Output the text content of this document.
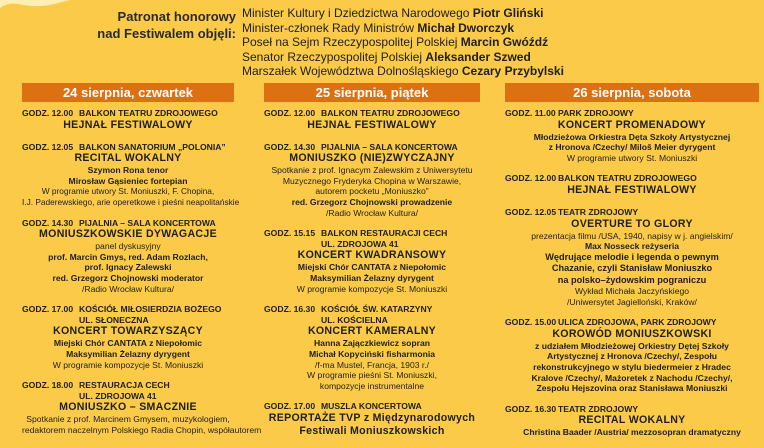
Patronat honorowy
nad Festiwalem objęli:
Minister Kultury i Dziedzictwa Narodowego Piotr Gliński
Minister-członek Rady Ministrów Michał Dworczyk
Poseł na Sejm Rzeczypospolitej Polskiej Marcin Gwóźdź
Senator Rzeczypospolitej Polskiej Aleksander Szwed
Marszałek Województwa Dolnośląskiego Cezary Przybylski
24 sierpnia, czwartek	25 sierpnia, piątek	26 sierpnia, sobota
GODZ. 12.00 BALKON TEATRU ZDROJOWEGO
HEJNAŁ FESTIWALOWY
GODZ. 12.05 BALKON SANATORIUM „POLONIA”
RECITAL WOKALNY
Szymon Rona tenor
Mirosław Gąsieniec fortepian
W programie utwory St. Moniuszki, F. Chopina,
I.J. Paderewskiego, arie operetkowe i pieśni neapolitańskie
GODZ. 14.30 PIJALNIA – SALA KONCERTOWA
MONIUSZKOWSKIE DYWAGACJE
panel dyskusyjny
prof. Marcin Gmys, red. Adam Rozlach,
prof. Ignacy Zalewski
red. Grzegorz Chojnowski moderator
/Radio Wrocław Kultura/
GODZ. 17.00 KOŚCIÓŁ MIŁOSIERDZIA BOŻEGO
UL. SŁONECZNA
KONCERT TOWARZYSZĄCY
Miejski Chór CANTATA z Niepołomic
Maksymilian Żelazny dyrygent
W programie kompozycje St. Moniuszki
GODZ. 18.00 RESTAURACJA CECH
UL. ZDROJOWA 41
MONIUSZKO – SMACZNIE
Spotkanie z prof. Marcinem Gmysem, muzykologiem,
redaktorem naczelnym Polskiego Radia Chopin, współautorem
GODZ. 12.00 BALKON TEATRU ZDROJOWEGO
HEJNAŁ FESTIWALOWY
GODZ. 14.30 PIJALNIA – SALA KONCERTOWA
MONIUSZKO (NIE)ZWYCZAJNY
Spotkanie z prof. Ignacym Zalewskim z Uniwersytetu
Muzycznego Fryderyka Chopina w Warszawie,
autorem pocketu „Moniuszko”
red. Grzegorz Chojnowski prowadzenie
/Radio Wrocław Kultura/
GODZ. 15.15 BALKON RESTAURACJI CECH
UL. ZDROJOWA 41
KONCERT KWADRANSOWY
Miejski Chór CANTATA z Niepołomic
Maksymilian Żelazny dyrygent
W programie kompozycje St. Moniuszki
GODZ. 16.30 KOŚCIÓŁ ŚW. KATARZYNY
UL. KOŚCIELNA
KONCERT KAMERALNY
Hanna Zajączkiewicz sopran
Michał Kopyciński fisharmonia
/f-ma Mustel, Francja, 1903 r./
W programie pieśni St. Moniuszki,
kompozycje instrumentalne
GODZ. 17.00 MUSZLA KONCERTOWA
REPORTAŻE TVP z Międzynarodowych
Festiwali Moniuszkowskich
GODZ. 11.00 PARK ZDROJOWY
KONCERT PROMENADOWY
Młodzieżowa Orkiestra Dęta Szkoły Artystycznej
z Hronova /Czechy/ Miloš Meier dyrygent
W programie utwory St. Moniuszki
GODZ. 12.00 BALKON TEATRU ZDROJOWEGO
HEJNAŁ FESTIWALOWY
GODZ. 12.05 TEATR ZDROJOWY
OVERTURE TO GLORY
prezentacja filmu /USA, 1940, napisy w j. angielskim/
Max Nosseck reżyseria
Wędrujące melodie i legenda o pewnym
Chazanie, czyli Stanisław Moniuszko
na polsko–żydowskim pograniczu
Wykład Michała Jaczyńskiego
/Uniwersytet Jagielloński, Kraków/
GODZ. 15.00 ULICA ZDROJOWA, PARK ZDROJOWY
KOROWÓD MONIUSZKOWSKI
z udziałem Młodzieżowej Orkiestry Dętej Szkoły
Artystycznej z Hronova /Czechy/, Zespołu
rekonstrukcyjnego w stylu biedermeier z Hradec
Kralove /Czechy/, Mażoretek z Nachodu /Czechy/,
Zespołu Hejszovina oraz Stanisława Moniuszki
GODZ. 16.30 TEATR ZDROJOWY
RECITAL WOKALNY
Christina Baader /Austria/ mezzosopran dramatyczny
